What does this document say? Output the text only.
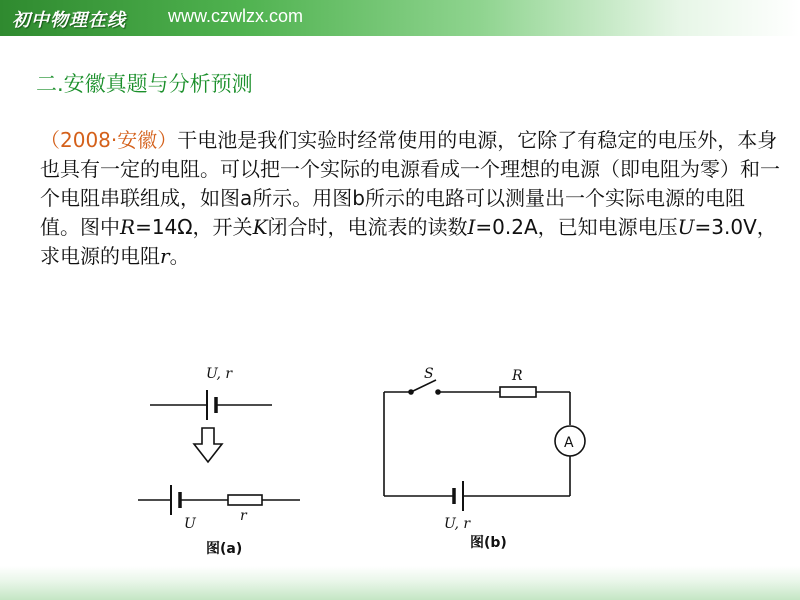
初中物理在线 www.czwlzx.com
二.安徽真题与分析预测
（2008·安徽）干电池是我们实验时经常使用的电源，它除了有稳定的电压外，本身也具有一定的电阻。可以把一个实际的电源看成一个理想的电源（即电阻为零）和一个电阻串联组成，如图a所示。用图b所示的电路可以测量出一个实际电源的电阻值。图中R=14Ω，开关K闭合时，电流表的读数I=0.2A，已知电源电压U=3.0V，求电源的电阻r。
U, r
U	r
图(a)
A
S	R
U, r
图(b)
